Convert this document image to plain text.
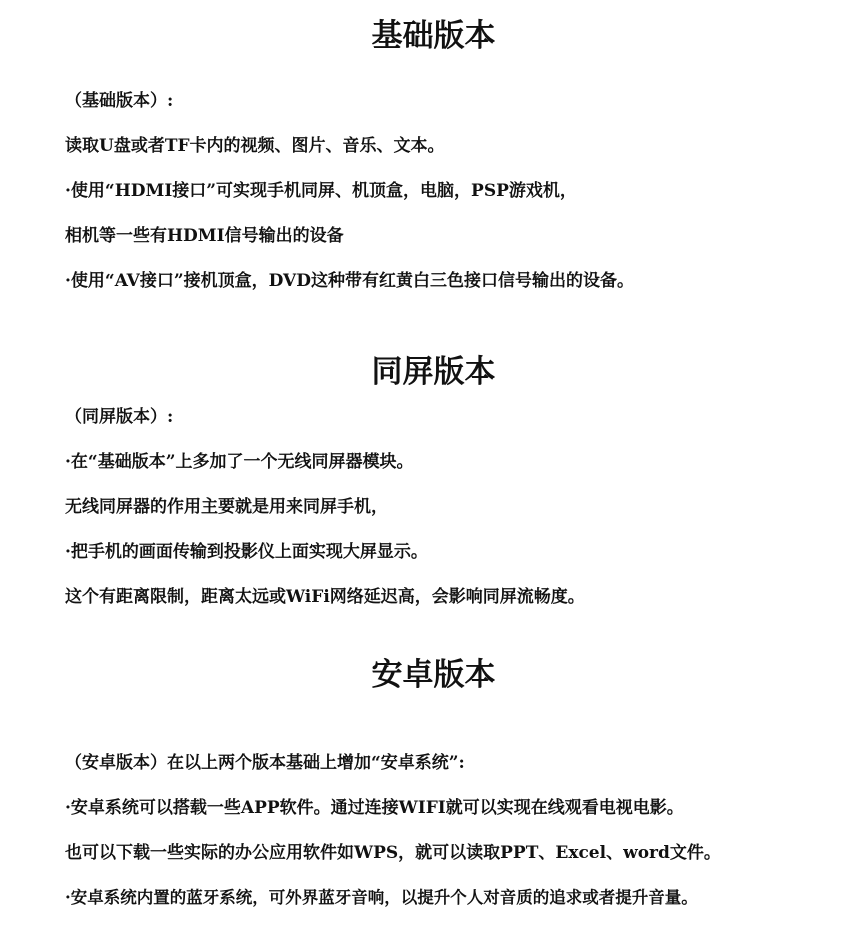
基础版本

（基础版本）:

读取U盘或者TF卡内的视频、图片、音乐、文本。

·使用“HDMI接口”可实现手机同屏、机顶盒，电脑，PSP游戏机，

相机等一些有HDMI信号输出的设备

·使用“AV接口”接机顶盒，DVD这种带有红黄白三色接口信号输出的设备。

同屏版本

（同屏版本）:

·在“基础版本”上多加了一个无线同屏器模块。

无线同屏器的作用主要就是用来同屏手机，

·把手机的画面传输到投影仪上面实现大屏显示。

这个有距离限制，距离太远或WiFi网络延迟高，会影响同屏流畅度。

安卓版本

（安卓版本）在以上两个版本基础上增加“安卓系统”:

·安卓系统可以搭载一些APP软件。通过连接WIFI就可以实现在线观看电视电影。

也可以下载一些实际的办公应用软件如WPS，就可以读取PPT、Excel、word文件。

·安卓系统内置的蓝牙系统，可外界蓝牙音响，以提升个人对音质的追求或者提升音量。
